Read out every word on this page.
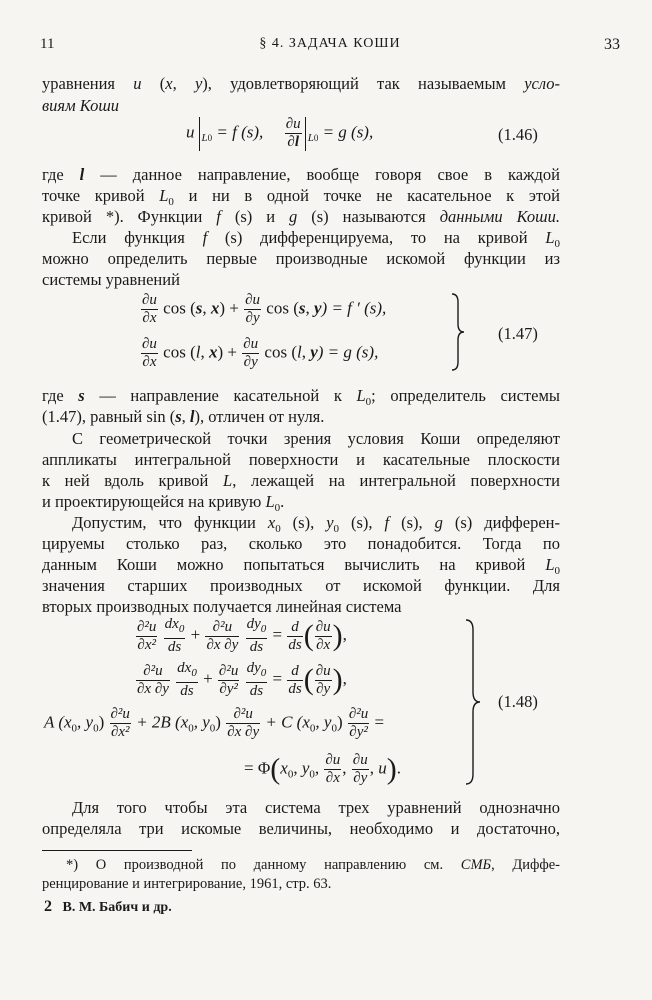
11	§ 4. ЗАДАЧА КОШИ	33
уравнения u (x, y), удовлетворяющий так называемым усло-
виям Коши
u $_{L0}$ = f (s), $\frac{\partial u}{\partial l} _{L0} = g$ (s),	(1.46)
где l — данное направление, вообще говоря свое в каждой
точке кривой $L_0$ и ни в одной точке не касательное к этой
кривой *). Функции f (s) и g (s) называются данными Коши.
Если функция f (s) дифференцируема, то на кривой $L_0$
можно определить первые производные искомой функции из
системы уравнений
$\frac{\partial u}{\partial x}$ cos (s, $x) + \frac{\partial u}{\partial y}$ cos (s, y) = f ′ (s),
$\frac{\partial u}{\partial x}$ cos (l, $x) + \frac{\partial u}{\partial y}$ cos (l, y) = g (s),
(1.47)
где s — направление касательной к $L_0$; определитель системы
(1.47), равный sin (s, l), отличен от нуля.
С геометрической точки зрения условия Коши определяют
аппликаты интегральной поверхности и касательные плоскости
к ней вдоль кривой L, лежащей на интегральной поверхности
и проектирующейся на кривую $L_0$.
Допустим, что функции $x_0$ (s), $y_0$ (s), f (s), g (s) дифферен-
цируемы столько раз, сколько это понадобится. Тогда по
данным Коши можно попытаться вычислить на кривой $L_0$
значения старших производных от искомой функции. Для
вторых производных получается линейная система
$\frac{\text{∂²u}}{\text{∂x²}}$
$\frac{dx_0}{ds} + \frac{\text{∂²u}}{\partial x \partial y}$
$\frac{dy_0}{ds} = \frac{d}{ds}$ ( $\frac{\partial u}{\partial x}$ ),
$\frac{\text{∂²u}}{\partial x \partial y}$
$\frac{dx_0}{ds} + \frac{\text{∂²u}}{\text{∂y²}}$
$\frac{dy_0}{ds} = \frac{d}{ds}$ ( $\frac{\partial u}{\partial y}$ ),
A ($x_0$, $y_0) \frac{\text{∂²u}}{\text{∂x²}} + 2B$ ($x_0$, $y_0) \frac{\text{∂²u}}{\partial x \partial y} + C$ ($x_0$, $y_0) \frac{\text{∂²u}}{\text{∂y²}}$ =
= $\Phi(x_0$, $y_0$, $\frac{\partial u}{\partial x}$ , $\frac{\partial u}{\partial y}$ , u).
(1.48)
Для того чтобы эта система трех уравнений однозначно
определяла три искомые величины, необходимо и достаточно,
*) О производной по данному направлению см. СМБ, Диффе-
ренцирование и интегрирование, 1961, стр. 63.
2 В. М. Бабич и др.
